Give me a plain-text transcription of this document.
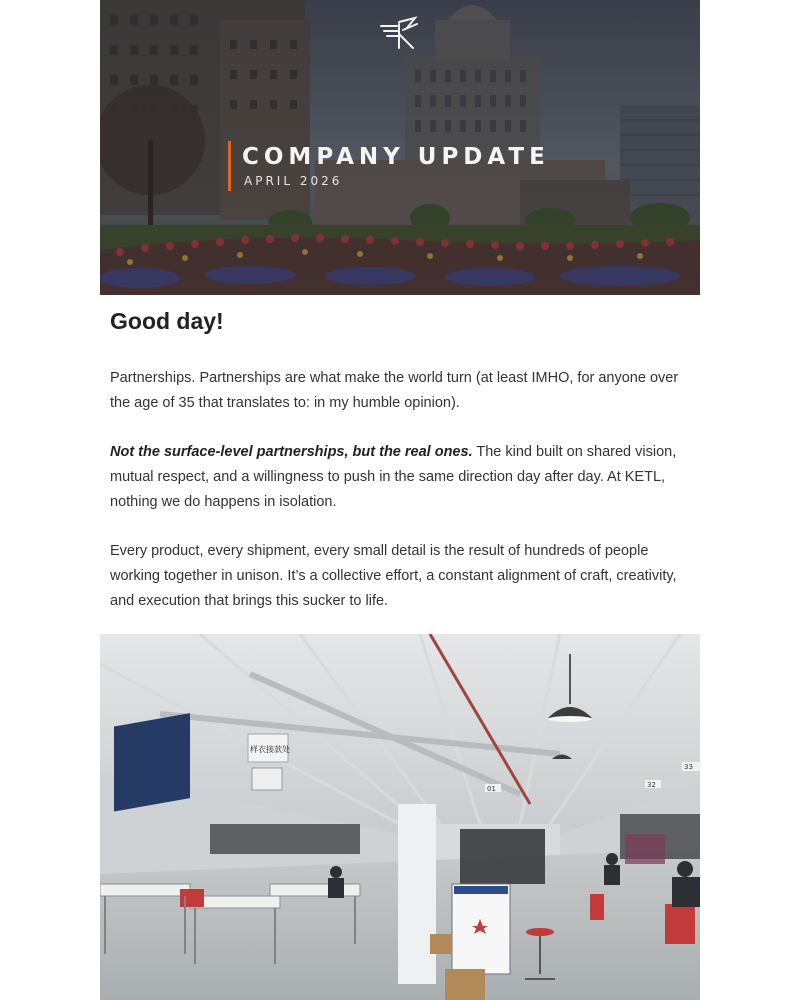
COMPANY UPDATE
APRIL 2026
Good day!

Partnerships. Partnerships are what make the world turn (at least IMHO, for anyone over the age of 35 that translates to: in my humble opinion).

Not the surface-level partnerships, but the real ones. The kind built on shared vision, mutual respect, and a willingness to push in the same direction day after day. At KETL, nothing we do happens in isolation.

Every product, every shipment, every small detail is the result of hundreds of people working together in unison. It’s a collective effort, a constant alignment of craft, creativity, and execution that brings this sucker to life.

样衣接款处
01	32
33
